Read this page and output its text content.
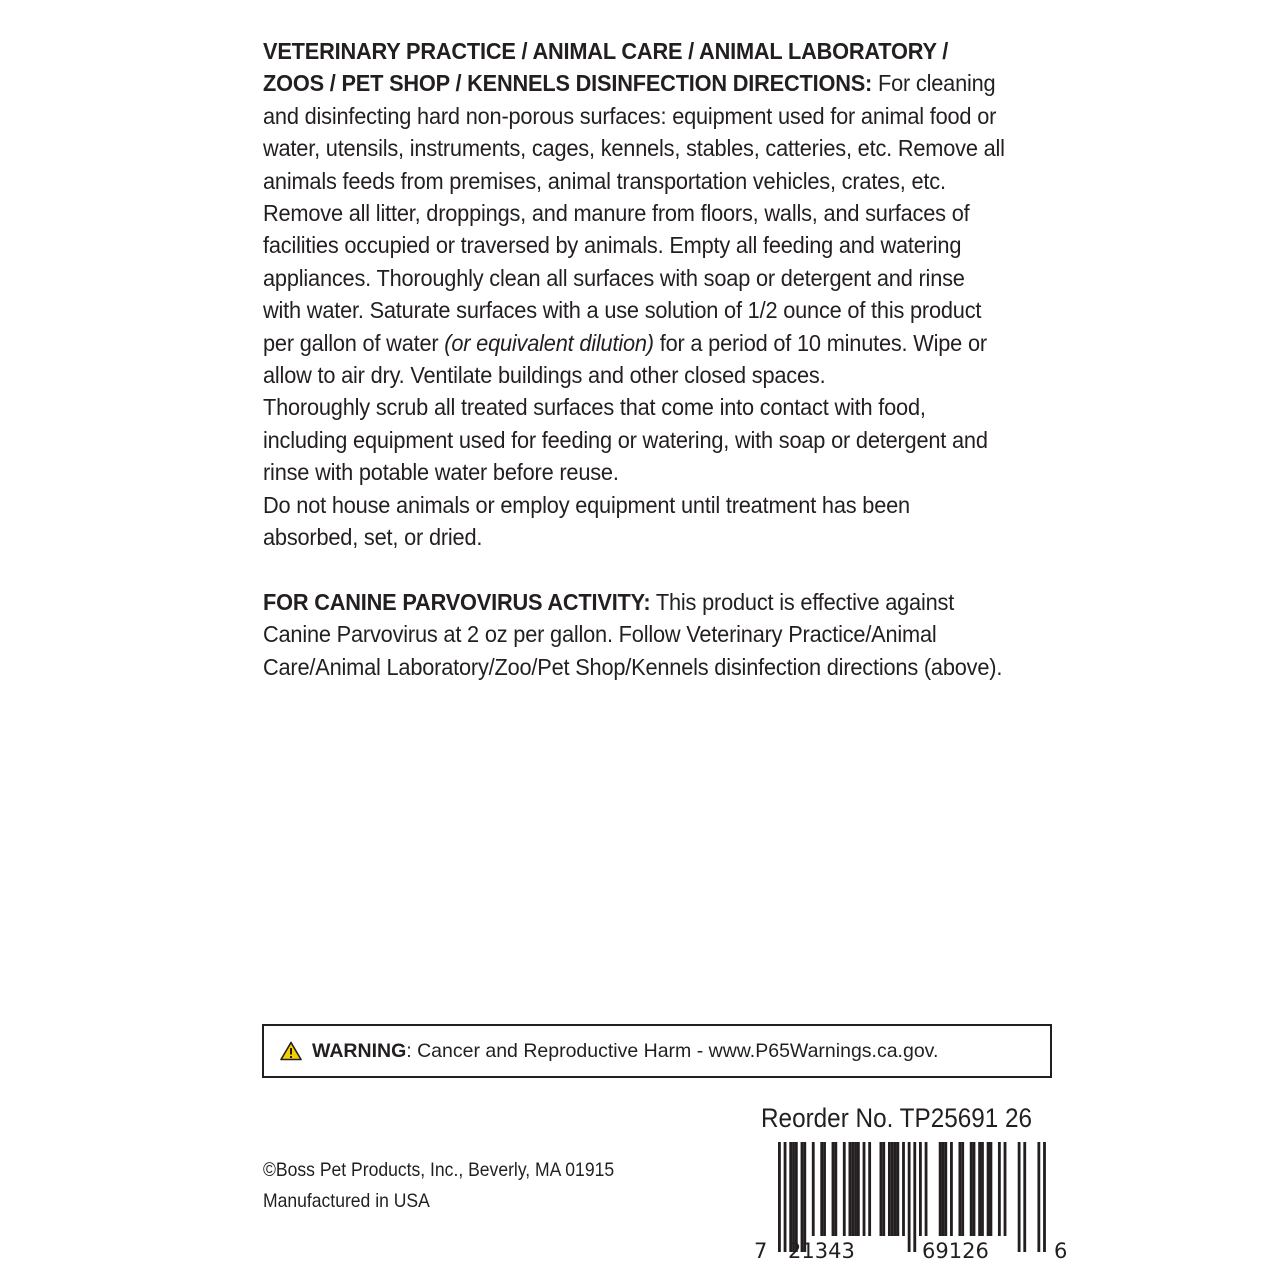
VETERINARY PRACTICE / ANIMAL CARE / ANIMAL LABORATORY / ZOOS / PET SHOP / KENNELS DISINFECTION DIRECTIONS: For cleaning and disinfecting hard non-porous surfaces: equipment used for animal food or water, utensils, instruments, cages, kennels, stables, catteries, etc. Remove all animals feeds from premises, animal transportation vehicles, crates, etc. Remove all litter, droppings, and manure from floors, walls, and surfaces of facilities occupied or traversed by animals. Empty all feeding and watering appliances. Thoroughly clean all surfaces with soap or detergent and rinse with water. Saturate surfaces with a use solution of 1/2 ounce of this product per gallon of water (or equivalent dilution) for a period of 10 minutes. Wipe or allow to air dry. Ventilate buildings and other closed spaces.

Thoroughly scrub all treated surfaces that come into contact with food, including equipment used for feeding or watering, with soap or detergent and rinse with potable water before reuse.

Do not house animals or employ equipment until treatment has been absorbed, set, or dried.

FOR CANINE PARVOVIRUS ACTIVITY: This product is effective against Canine Parvovirus at 2 oz per gallon. Follow Veterinary Practice/Animal Care/Animal Laboratory/Zoo/Pet Shop/Kennels disinfection directions (above).

WARNING : Cancer and Reproductive Harm - www.P65Warnings.ca.gov.
Reorder No. TP25691 26

©Boss Pet Products, Inc., Beverly, MA 01915

Manufactured in USA

7 21343	69126	6
